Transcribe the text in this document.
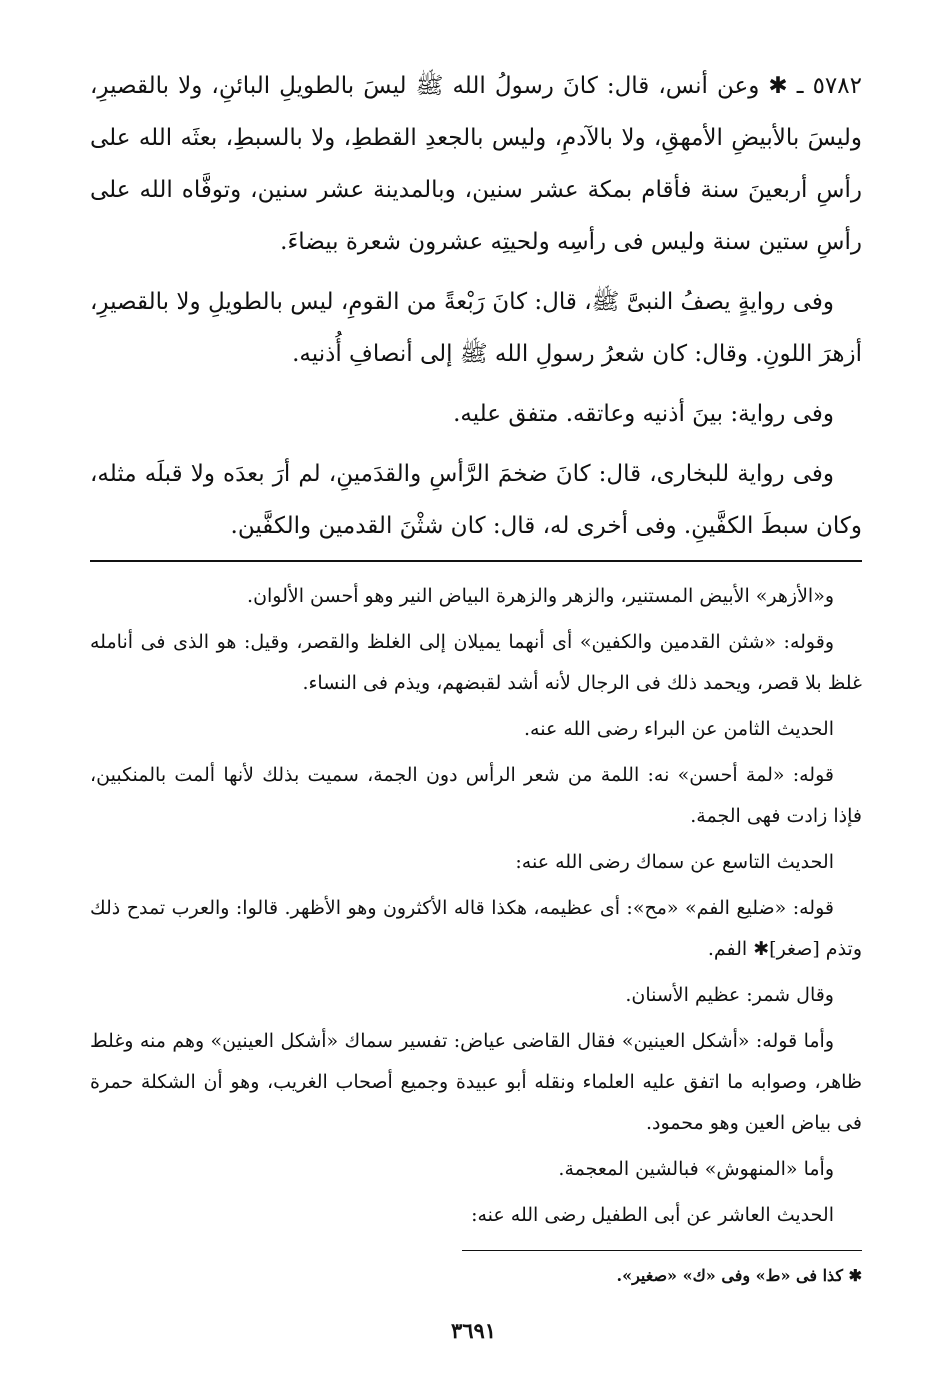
٥٧٨٢ ـ ✱ وعن أنس، قال: كانَ رسولُ الله ﷺ ليسَ بالطويلِ البائنِ، ولا بالقصيرِ، وليسَ بالأبيضِ الأمهقِ، ولا بالآدمِ، وليس بالجعدِ القططِ، ولا بالسبطِ، بعثَه الله على رأسِ أربعينَ سنة فأقام بمكة عشر سنين، وبالمدينة عشر سنين، وتوفَّاه الله على رأسِ ستين سنة وليس فى رأسِه ولحيتِه عشرون شعرة بيضاءَ.

وفى روايةٍ يصفُ النبىَّ ﷺ، قال: كانَ رَبْعةً من القومِ، ليس بالطويلِ ولا بالقصيرِ، أزهرَ اللونِ. وقال: كان شعرُ رسولِ الله ﷺ إلى أنصافِ أُذنيه.

وفى رواية: بينَ أذنيه وعاتقه. متفق عليه.

وفى رواية للبخارى، قال: كانَ ضخمَ الرَّأسِ والقدَمينِ، لم أرَ بعدَه ولا قبلَه مثله، وكان سبطَ الكفَّينِ. وفى أخرى له، قال: كان شثْنَ القدمين والكفَّين.

و«الأزهر» الأبيض المستنير، والزهر والزهرة البياض النير وهو أحسن الألوان.

وقوله: «شثن القدمين والكفين» أى أنهما يميلان إلى الغلظ والقصر، وقيل: هو الذى فى أنامله غلظ بلا قصر، ويحمد ذلك فى الرجال لأنه أشد لقبضهم، ويذم فى النساء.

الحديث الثامن عن البراء رضى الله عنه.

قوله: «لمة أحسن» نه: اللمة من شعر الرأس دون الجمة، سميت بذلك لأنها ألمت بالمنكبين، فإذا زادت فهى الجمة.

الحديث التاسع عن سماك رضى الله عنه:

قوله: «ضليع الفم» «مح»: أى عظيمه، هكذا قاله الأكثرون وهو الأظهر. قالوا: والعرب تمدح ذلك وتذم [صغر]✱ الفم.

وقال شمر: عظيم الأسنان.

وأما قوله: «أشكل العينين» فقال القاضى عياض: تفسير سماك «أشكل العينين» وهم منه وغلط ظاهر، وصوابه ما اتفق عليه العلماء ونقله أبو عبيدة وجميع أصحاب الغريب، وهو أن الشكلة حمرة فى بياض العين وهو محمود.

وأما «المنهوش» فبالشين المعجمة.

الحديث العاشر عن أبى الطفيل رضى الله عنه:

✱ كذا فى «ط» وفى «ك» «صغير».
٣٦٩١
